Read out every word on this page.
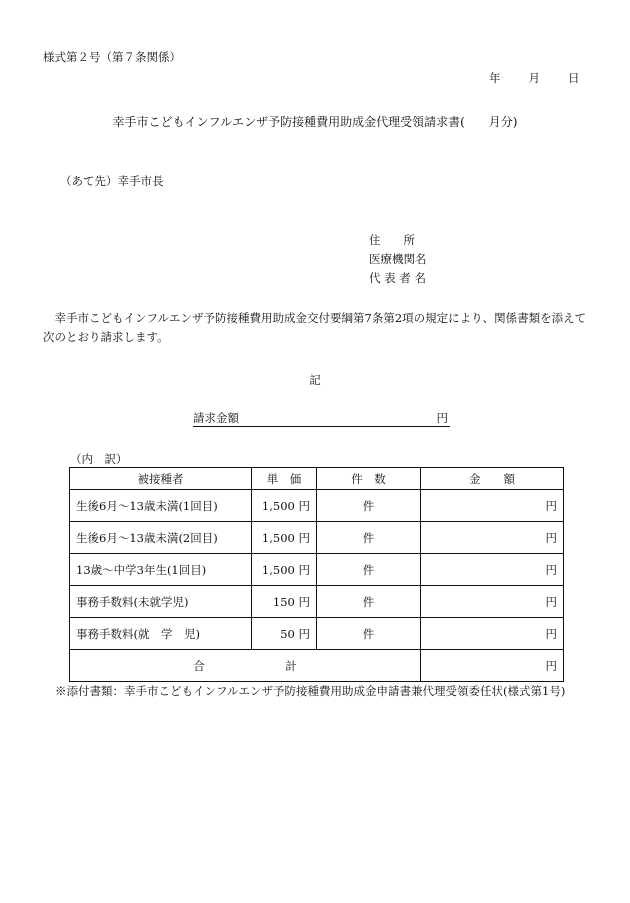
様式第２号（第７条関係）
年 月 日
幸手市こどもインフルエンザ予防接種費用助成金代理受領請求書(　　月分)
（あて先）幸手市長
住　　所
医療機関名
代 表 者 名
幸手市こどもインフルエンザ予防接種費用助成金交付要綱第7条第2項の規定により、関係書類を添えて次のとおり請求します。
記
請求金額	円
（内　訳）
被接種者	単　価	件　数	金　　額
生後6月～13歳未満(1回目)	1,500 円	件	円
生後6月～13歳未満(2回目)	1,500 円	件	円
13歳～中学3年生(1回目)	1,500 円	件	円
事務手数料(未就学児)	150 円	件	円
事務手数料(就　学　児)	50 円	件	円
合　　　　　　　計			円
※添付書類：幸手市こどもインフルエンザ予防接種費用助成金申請書兼代理受領委任状(様式第1号)
